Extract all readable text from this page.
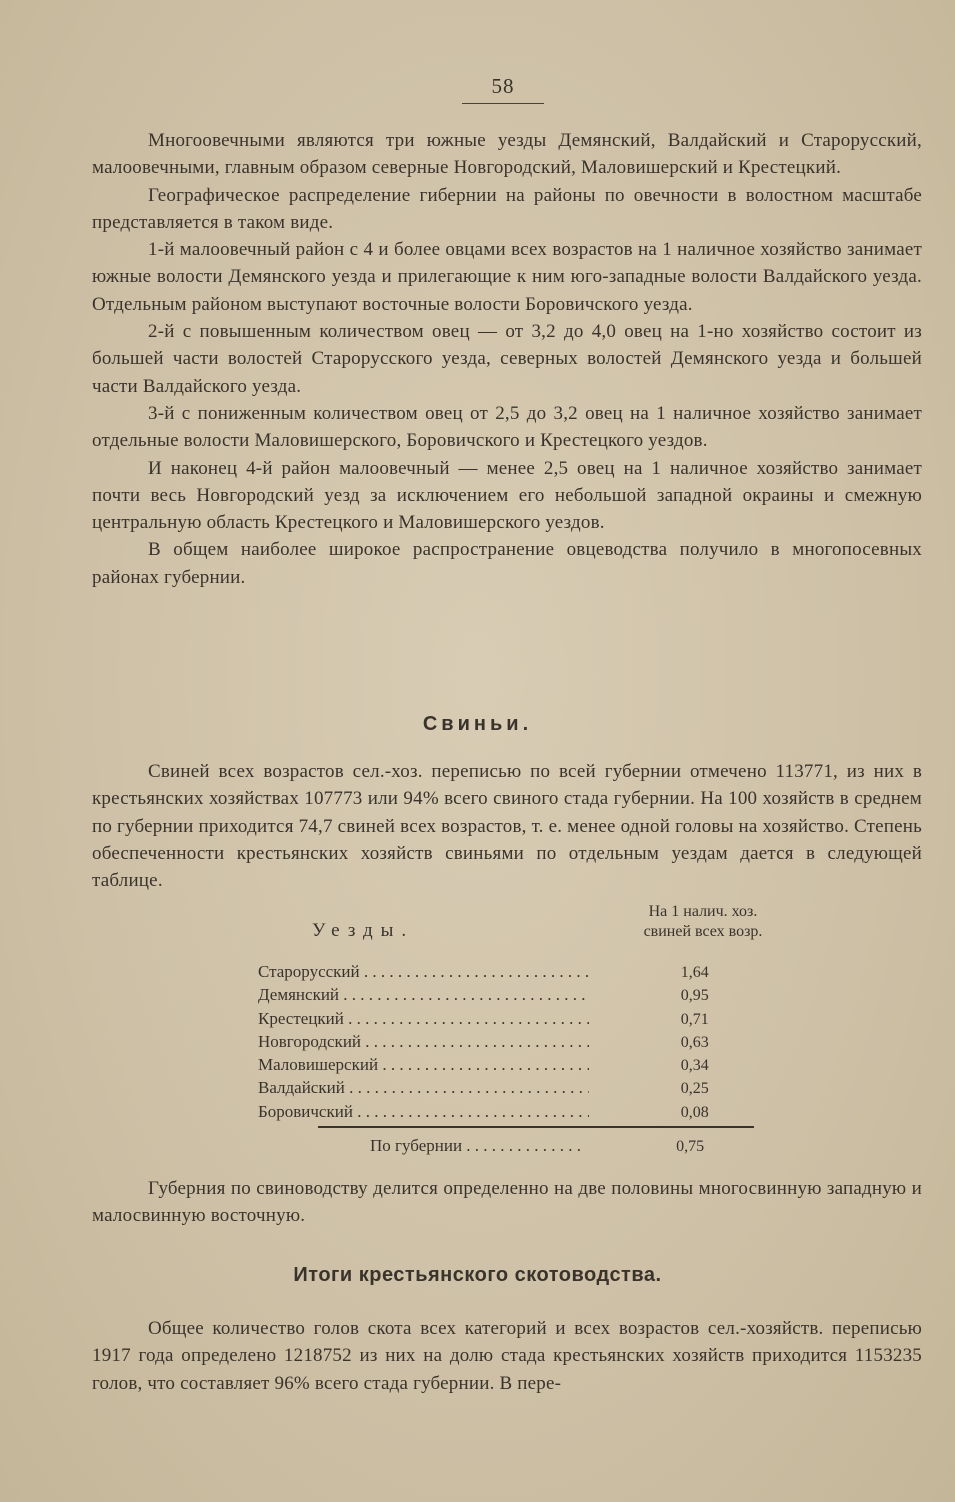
58

Многоовечными являются три южные уезды Демянский, Валдайский и Старорусский, малоовечными, главным образом северные Новгородский, Маловишерский и Крестецкий.

Географическое распределение гибернии на районы по овечности в волостном масштабе представляется в таком виде.

1-й малоовечный район с 4 и более овцами всех возрастов на 1 наличное хозяйство занимает южные волости Демянского уезда и прилегающие к ним юго-западные волости Валдайского уезда. Отдельным районом выступают восточные волости Боровичского уезда.

2-й с повышенным количеством овец — от 3,2 до 4,0 овец на 1-но хозяйство состоит из большей части волостей Старорусского уезда, северных волостей Демянского уезда и большей части Валдайского уезда.

3-й с пониженным количеством овец от 2,5 до 3,2 овец на 1 наличное хозяйство занимает отдельные волости Маловишерского, Боровичского и Крестецкого уездов.

И наконец 4-й район малоовечный — менее 2,5 овец на 1 наличное хозяйство занимает почти весь Новгородский уезд за исключением его небольшой западной окраины и смежную центральную область Крестецкого и Маловишерского уездов.

В общем наиболее широкое распространение овцеводства получило в многопосевных районах губернии.

Свиньи.

Свиней всех возрастов сел.-хоз. переписью по всей губернии отмечено 113771, из них в крестьянских хозяйствах 107773 или 94% всего свиного стада губернии. На 100 хозяйств в среднем по губернии приходится 74,7 свиней всех возрастов, т. е. менее одной головы на хозяйство. Степень обеспеченности крестьянских хозяйств свиньями по отдельным уездам дается в следующей таблице.

Уезды.
На 1 налич. хоз. свиней всех возр.
Старорусский . . .	1,64
Демянский . . .	0,95
Крестецкий . . .	0,71
Новгородский . . .	0,63
Маловишерский . . .	0,34
Валдайский . . .	0,25
Боровичский . . .	0,08
По губернии . . .	0,75

Губерния по свиноводству делится определенно на две половины многосвинную западную и малосвинную восточную.

Итоги крестьянского скотоводства.

Общее количество голов скота всех категорий и всех возрастов сел.-хозяйств. переписью 1917 года определено 1218752 из них на долю стада крестьянских хозяйств приходится 1153235 голов, что составляет 96% всего стада губернии. В пере-
